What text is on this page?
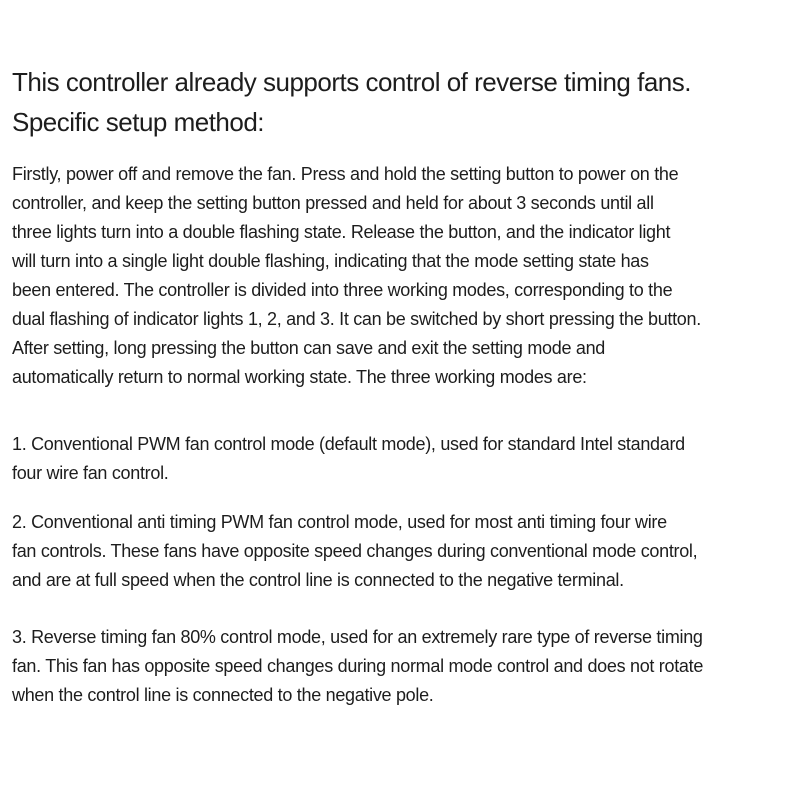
This controller already supports control of reverse timing fans.
Specific setup method:
Firstly, power off and remove the fan. Press and hold the setting button to power on the
controller, and keep the setting button pressed and held for about 3 seconds until all
three lights turn into a double flashing state. Release the button, and the indicator light
will turn into a single light double flashing, indicating that the mode setting state has
been entered. The controller is divided into three working modes, corresponding to the
dual flashing of indicator lights 1, 2, and 3. It can be switched by short pressing the button.
After setting, long pressing the button can save and exit the setting mode and
automatically return to normal working state. The three working modes are:
1. Conventional PWM fan control mode (default mode), used for standard Intel standard
four wire fan control.
2. Conventional anti timing PWM fan control mode, used for most anti timing four wire
fan controls. These fans have opposite speed changes during conventional mode control,
and are at full speed when the control line is connected to the negative terminal.
3. Reverse timing fan 80% control mode, used for an extremely rare type of reverse timing
fan. This fan has opposite speed changes during normal mode control and does not rotate
when the control line is connected to the negative pole.
